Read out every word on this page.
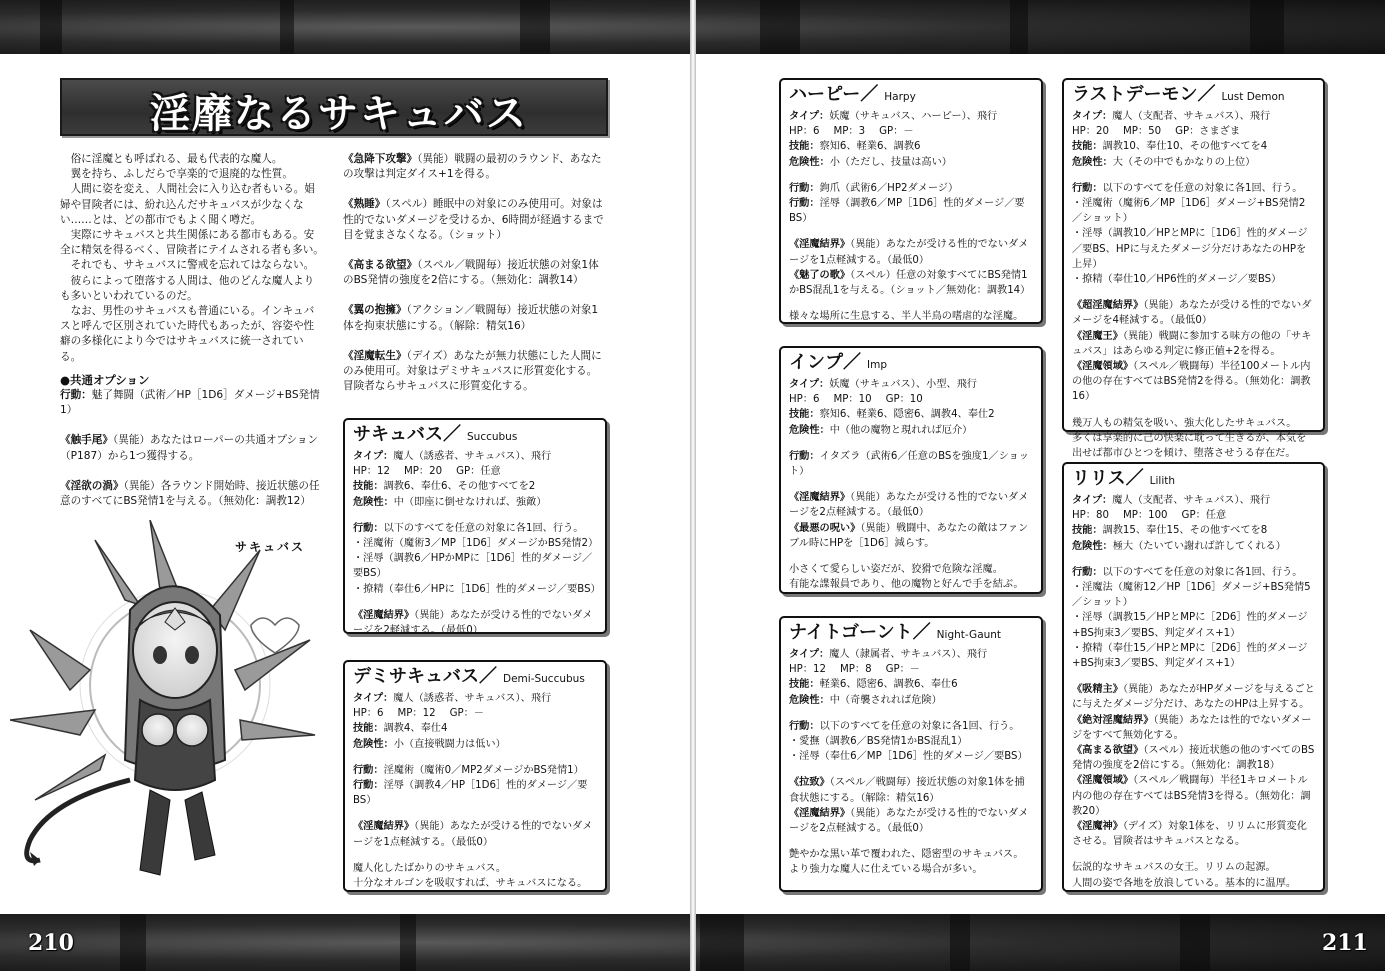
210	211
淫靡なるサキュバス

俗に淫魔とも呼ばれる、最も代表的な魔人。

翼を持ち、ふしだらで享楽的で退廃的な性質。

人間に姿を変え、人間社会に入り込む者もいる。娼婦や冒険者には、紛れ込んだサキュバスが少なくない……とは、どの都市でもよく聞く噂だ。

実際にサキュバスと共生関係にある都市もある。安全に精気を得るべく、冒険者にテイムされる者も多い。

それでも、サキュバスに警戒を忘れてはならない。

彼らによって堕落する人間は、他のどんな魔人よりも多いといわれているのだ。

なお、男性のサキュバスも普通にいる。インキュバスと呼んで区別されていた時代もあったが、容姿や性癖の多様化により今ではサキュバスに統一されている。

●共通オプション
行動：魅了舞闘（武術／HP［1D6］ダメージ+BS発情1）
《触手尾》（異能）あなたはローパーの共通オプション（P187）から1つ獲得する。
《淫欲の渦》（異能）各ラウンド開始時、接近状態の任意のすべてにBS発情1を与える。（無効化：調教12）
《急降下攻撃》（異能）戦闘の最初のラウンド、あなたの攻撃は判定ダイス+1を得る。
《熟睡》（スペル）睡眠中の対象にのみ使用可。対象は性的でないダメージを受けるか、6時間が経過するまで目を覚まさなくなる。（ショット）
《高まる欲望》（スペル／戦闘毎）接近状態の対象1体のBS発情の強度を2倍にする。（無効化：調教14）
《翼の抱擁》（アクション／戦闘毎）接近状態の対象1体を拘束状態にする。（解除：精気16）
《淫魔転生》（デイズ）あなたが無力状態にした人間にのみ使用可。対象はデミサキュバスに形質変化する。冒険者ならサキュバスに形質変化する。
サキュバス
サキュバス／ Succubus
タイプ：魔人（誘惑者、サキュバス）、飛行
HP：12 MP：20 GP：任意
技能：調教6、奉仕6、その他すべてを2
危険性：中（即座に倒せなければ、強敵）
行動：以下のすべてを任意の対象に各1回、行う。
・淫魔術（魔術3／MP［1D6］ダメージかBS発情2）
・淫辱（調教6／HPかMPに［1D6］性的ダメージ／要BS）
・撩精（奉仕6／HPに［1D6］性的ダメージ／要BS）
《淫魔結界》（異能）あなたが受ける性的でないダメージを2軽減する。（最低0）
デミサキュバス／ Demi-Succubus
タイプ：魔人（誘惑者、サキュバス）、飛行
HP：6 MP：12 GP：－
技能：調教4、奉仕4
危険性：小（直接戦闘力は低い）
行動：淫魔術（魔術0／MP2ダメージかBS発情1）
行動：淫辱（調教4／HP［1D6］性的ダメージ／要BS）
《淫魔結界》（異能）あなたが受ける性的でないダメージを1点軽減する。（最低0）
魔人化したばかりのサキュバス。
十分なオルゴンを吸収すれば、サキュバスになる。
ハーピー／ Harpy
タイプ：妖魔（サキュバス、ハーピー）、飛行
HP：6 MP：3 GP：－
技能：察知6、軽業6、調教6
危険性：小（ただし、技量は高い）
行動：鉤爪（武術6／HP2ダメージ）
行動：淫辱（調教6／MP［1D6］性的ダメージ／要BS）
《淫魔結界》（異能）あなたが受ける性的でないダメージを1点軽減する。（最低0）
《魅了の歌》（スペル）任意の対象すべてにBS発情1かBS混乱1を与える。（ショット／無効化：調教14）
様々な場所に生息する、半人半鳥の嗜虐的な淫魔。
インプ／ Imp
タイプ：妖魔（サキュバス）、小型、飛行
HP：6 MP：10 GP：10
技能：察知6、軽業6、隠密6、調教4、奉仕2
危険性：中（他の魔物と現れれば厄介）
行動：イタズラ（武術6／任意のBSを強度1／ショット）
《淫魔結界》（異能）あなたが受ける性的でないダメージを2点軽減する。（最低0）
《最悪の呪い》（異能）戦闘中、あなたの敵はファンブル時にHPを［1D6］減らす。
小さくて愛らしい姿だが、狡猾で危険な淫魔。
有能な諜報員であり、他の魔物と好んで手を結ぶ。
ナイトゴーント／ Night-Gaunt
タイプ：魔人（隷属者、サキュバス）、飛行
HP：12 MP：8 GP：－
技能：軽業6、隠密6、調教6、奉仕6
危険性：中（奇襲されれば危険）
行動：以下のすべてを任意の対象に各1回、行う。
・愛撫（調教6／BS発情1かBS混乱1）
・淫辱（奉仕6／MP［1D6］性的ダメージ／要BS）
《拉致》（スペル／戦闘毎）接近状態の対象1体を捕食状態にする。（解除：精気16）
《淫魔結界》（異能）あなたが受ける性的でないダメージを2点軽減する。（最低0）
艶やかな黒い革で覆われた、隠密型のサキュバス。
より強力な魔人に仕えている場合が多い。
ラストデーモン／ Lust Demon
タイプ：魔人（支配者、サキュバス）、飛行
HP：20 MP：50 GP：さまざま
技能：調教10、奉仕10、その他すべてを4
危険性：大（その中でもかなりの上位）
行動：以下のすべてを任意の対象に各1回、行う。
・淫魔術（魔術6／MP［1D6］ダメージ+BS発情2／ショット）
・淫辱（調教10／HPとMPに［1D6］性的ダメージ／要BS、HPに与えたダメージ分だけあなたのHPを上昇）
・撩精（奉仕10／HP6性的ダメージ／要BS）
《超淫魔結界》（異能）あなたが受ける性的でないダメージを4軽減する。（最低0）
《淫魔王》（異能）戦闘に参加する味方の他の「サキュバス」はあらゆる判定に修正値+2を得る。
《淫魔領域》（スペル／戦闘毎）半径100メートル内の他の存在すべてはBS発情2を得る。（無効化：調教16）
幾万人もの精気を吸い、強大化したサキュバス。
多くは享楽的に己の快楽に耽って生きるが、本気を出せば都市ひとつを傾け、堕落させうる存在だ。
リリス／ Lilith
タイプ：魔人（支配者、サキュバス）、飛行
HP：80 MP：100 GP：任意
技能：調教15、奉仕15、その他すべてを8
危険性：極大（たいてい謝れば許してくれる）
行動：以下のすべてを任意の対象に各1回、行う。
・淫魔法（魔術12／HP［1D6］ダメージ+BS発情5／ショット）
・淫辱（調教15／HPとMPに［2D6］性的ダメージ+BS拘束3／要BS、判定ダイス+1）
・撩精（奉仕15／HPとMPに［2D6］性的ダメージ+BS拘束3／要BS、判定ダイス+1）
《吸精主》（異能）あなたがHPダメージを与えるごとに与えたダメージ分だけ、あなたのHPは上昇する。
《絶対淫魔結界》（異能）あなたは性的でないダメージをすべて無効化する。
《高まる欲望》（スペル）接近状態の他のすべてのBS発情の強度を2倍にする。（無効化：調教18）
《淫魔領域》（スペル／戦闘毎）半径1キロメートル内の他の存在すべてはBS発情3を得る。（無効化：調教20）
《淫魔神》（デイズ）対象1体を、リリムに形質変化させる。冒険者はサキュバスとなる。
伝説的なサキュバスの女王。リリムの起源。
人間の姿で各地を放浪している。基本的に温厚。
